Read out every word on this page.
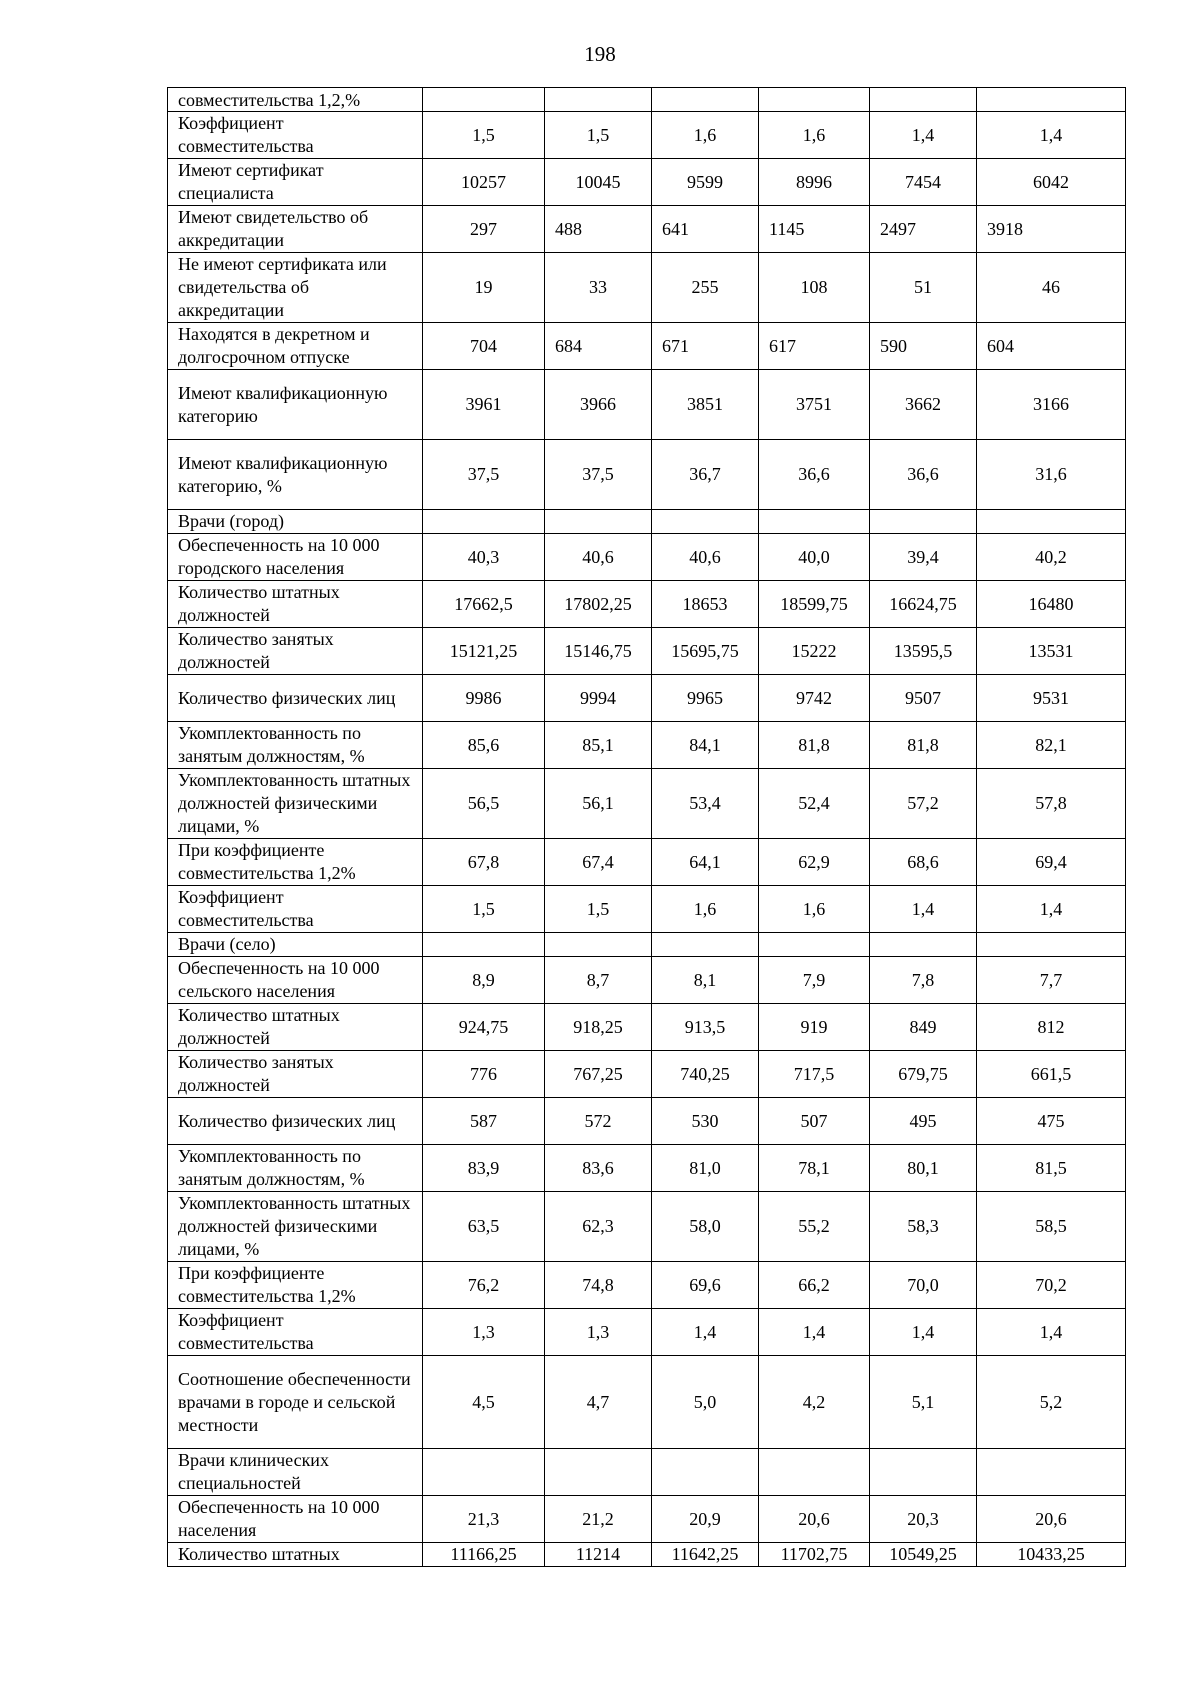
198
совместительства 1,2,%						
Коэффициент совместительства	1,5	1,5	1,6	1,6	1,4	1,4
Имеют сертификат специалиста	10257	10045	9599	8996	7454	6042
Имеют свидетельство об аккредитации	297	488	641	1145	2497	3918
Не имеют сертификата или свидетельства об аккредитации	19	33	255	108	51	46
Находятся в декретном и долгосрочном отпуске	704	684	671	617	590	604
Имеют квалификационную категорию	3961	3966	3851	3751	3662	3166
Имеют квалификационную категорию, %	37,5	37,5	36,7	36,6	36,6	31,6
Врачи (город)						
Обеспеченность на 10 000 городского населения	40,3	40,6	40,6	40,0	39,4	40,2
Количество штатных должностей	17662,5	17802,25	18653	18599,75	16624,75	16480
Количество занятых должностей	15121,25	15146,75	15695,75	15222	13595,5	13531
Количество физических лиц	9986	9994	9965	9742	9507	9531
Укомплектованность по занятым должностям, %	85,6	85,1	84,1	81,8	81,8	82,1
Укомплектованность штатных должностей физическими лицами, %	56,5	56,1	53,4	52,4	57,2	57,8
При коэффициенте совместительства 1,2%	67,8	67,4	64,1	62,9	68,6	69,4
Коэффициент совместительства	1,5	1,5	1,6	1,6	1,4	1,4
Врачи (село)						
Обеспеченность на 10 000 сельского населения	8,9	8,7	8,1	7,9	7,8	7,7
Количество штатных должностей	924,75	918,25	913,5	919	849	812
Количество занятых должностей	776	767,25	740,25	717,5	679,75	661,5
Количество физических лиц	587	572	530	507	495	475
Укомплектованность по занятым должностям, %	83,9	83,6	81,0	78,1	80,1	81,5
Укомплектованность штатных должностей физическими лицами, %	63,5	62,3	58,0	55,2	58,3	58,5
При коэффициенте совместительства 1,2%	76,2	74,8	69,6	66,2	70,0	70,2
Коэффициент совместительства	1,3	1,3	1,4	1,4	1,4	1,4
Соотношение обеспеченности врачами в городе и сельской местности	4,5	4,7	5,0	4,2	5,1	5,2
Врачи клинических специальностей						
Обеспеченность на 10 000 населения	21,3	21,2	20,9	20,6	20,3	20,6
Количество штатных	11166,25	11214	11642,25	11702,75	10549,25	10433,25
